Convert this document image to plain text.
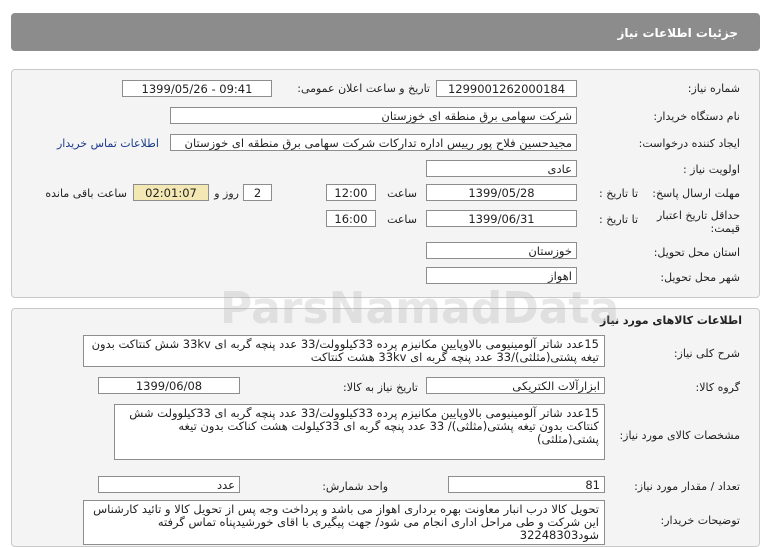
جزئیات اطلاعات نیاز
شماره نیاز:
1299001262000184
تاریخ و ساعت اعلان عمومی:
1399/05/26 - 09:41
نام دستگاه خریدار:
شرکت سهامی برق منطقه ای خوزستان
ایجاد کننده درخواست:
مجیدحسین فلاح پور رییس اداره تدارکات شرکت سهامی برق منطقه ای خوزستان
اطلاعات تماس خریدار
اولویت نیاز :
عادی
مهلت ارسال پاسخ:
تا تاریخ :
1399/05/28
ساعت
12:00
2
روز و
02:01:07
ساعت باقی مانده
حداقل تاریخ اعتبار قیمت:
تا تاریخ :
1399/06/31
ساعت
16:00
استان محل تحویل:
خوزستان
شهر محل تحویل:
اهواز
اطلاعات کالاهای مورد نیاز
شرح کلی نیاز:
15عدد شاتر آلومینیومی بالاوپایین مکانیزم پرده 33کیلوولت/33 عدد پنچه گربه ای 33kv شش کنتاکت بدون تیغه پشتی(مثلثی)/33 عدد پنچه گربه ای 33kv هشت کنتاکت
گروه کالا:
ابزارآلات الکتریکی
تاریخ نیاز به کالا:
1399/06/08
مشخصات کالای مورد نیاز:
15عدد شاتر آلومینیومی بالاوپایین مکانیزم پرده 33کیلوولت/33 عدد پنچه گربه ای 33کیلوولت شش کنتاکت بدون تیغه پشتی(مثلثی)/ 33 عدد پنچه گربه ای 33کیلولت هشت کناکت بدون تیغه پشتی(مثلثی)
تعداد / مقدار مورد نیاز:
81
واحد شمارش:
عدد
توضیحات خریدار:
تحویل کالا درب انبار معاونت بهره برداری اهواز می باشد و پرداخت وجه پس از تحویل کالا و تائید کارشناس این شرکت و طی مراحل اداری انجام می شود/ جهت پیگیری با اقای خورشیدپناه تماس گرفته شود32248303
ParsNamadData
